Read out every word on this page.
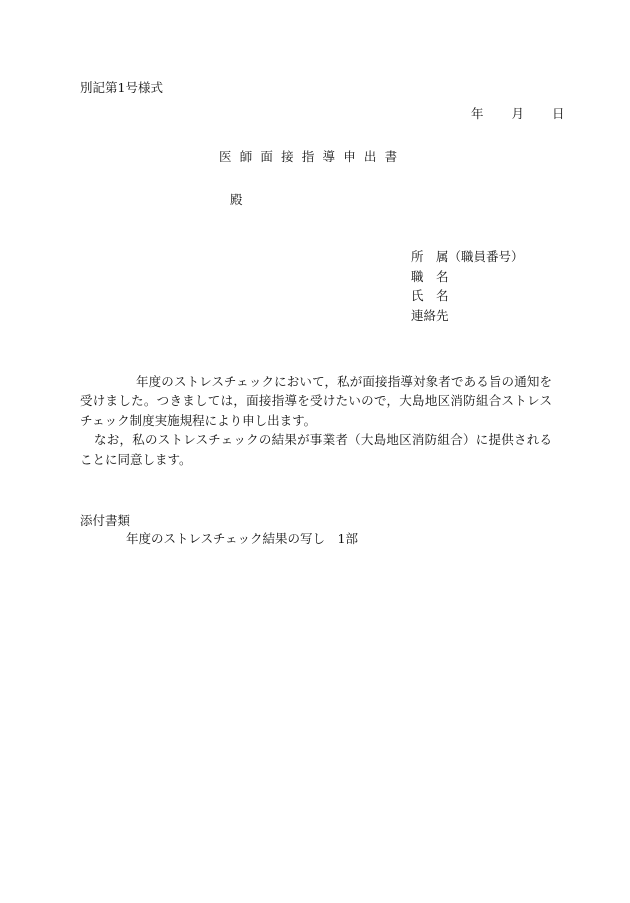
別記第1号様式
年 月 日
医師面接指導申出書
殿
所　属（職員番号）
職　名
氏　名
連絡先

年度のストレスチェックにおいて，私が面接指導対象者である旨の通知を受けました。つきましては，面接指導を受けたいので，大島地区消防組合ストレスチェック制度実施規程により申し出ます。

なお，私のストレスチェックの結果が事業者（大島地区消防組合）に提供されることに同意します。

添付書類
年度のストレスチェック結果の写し　1部
